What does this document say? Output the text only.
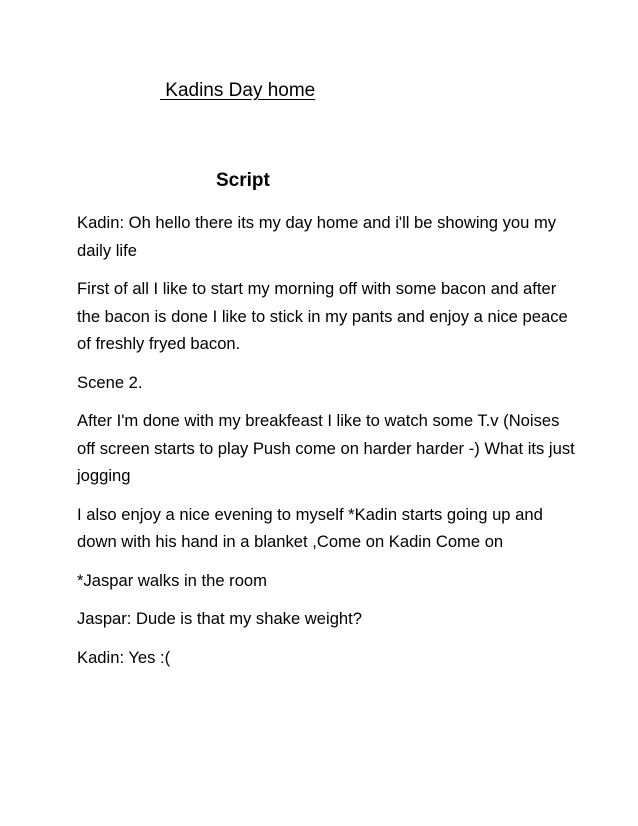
Kadins Day home
Script

Kadin: Oh hello there its my day home and i'll be showing you my daily life

First of all I like to start my morning off with some bacon and after the bacon is done I like to stick in my pants and enjoy a nice peace of freshly fryed bacon.

Scene 2.

After I'm done with my breakfeast I like to watch some T.v (Noises off screen starts to play Push come on harder harder -) What its just jogging

I also enjoy a nice evening to myself *Kadin starts going up and down with his hand in a blanket ,Come on Kadin Come on

*Jaspar walks in the room

Jaspar: Dude is that my shake weight?

Kadin: Yes :(
